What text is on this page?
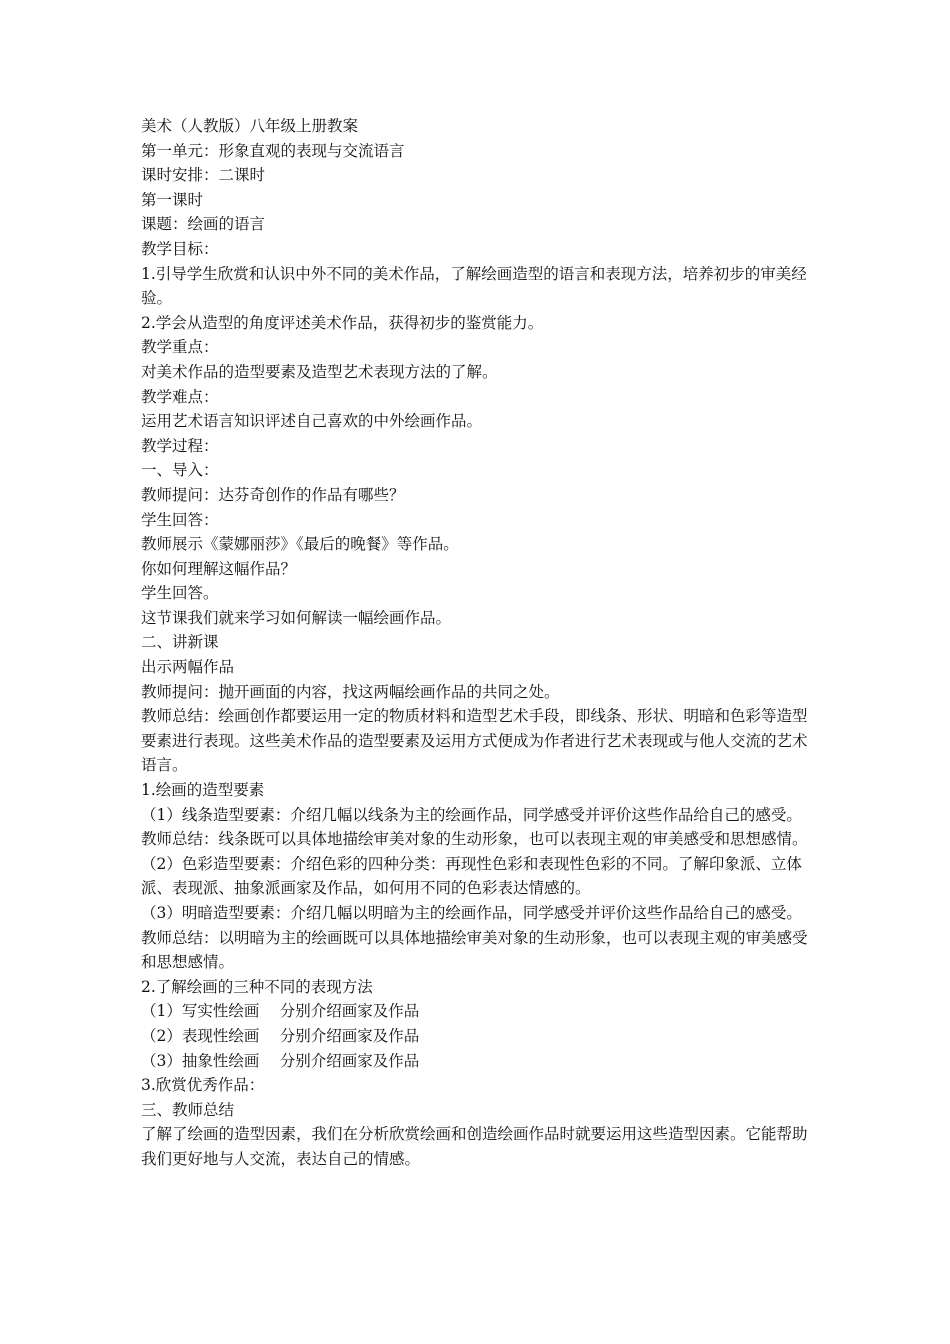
美术（人教版）八年级上册教案

第一单元：形象直观的表现与交流语言

课时安排：二课时

第一课时

课题：绘画的语言

教学目标：

1.引导学生欣赏和认识中外不同的美术作品，了解绘画造型的语言和表现方法，培养初步的审美经验。

2.学会从造型的角度评述美术作品，获得初步的鉴赏能力。

教学重点：

对美术作品的造型要素及造型艺术表现方法的了解。

教学难点：

运用艺术语言知识评述自己喜欢的中外绘画作品。

教学过程：

一、导入：

教师提问：达芬奇创作的作品有哪些？

学生回答：

教师展示《蒙娜丽莎》《最后的晚餐》等作品。

你如何理解这幅作品？

学生回答。

这节课我们就来学习如何解读一幅绘画作品。

二、讲新课

出示两幅作品

教师提问：抛开画面的内容，找这两幅绘画作品的共同之处。

教师总结：绘画创作都要运用一定的物质材料和造型艺术手段，即线条、形状、明暗和色彩等造型要素进行表现。这些美术作品的造型要素及运用方式便成为作者进行艺术表现或与他人交流的艺术语言。

1.绘画的造型要素

（1）线条造型要素：介绍几幅以线条为主的绘画作品，同学感受并评价这些作品给自己的感受。教师总结：线条既可以具体地描绘审美对象的生动形象，也可以表现主观的审美感受和思想感情。

（2）色彩造型要素：介绍色彩的四种分类：再现性色彩和表现性色彩的不同。了解印象派、立体派、表现派、抽象派画家及作品，如何用不同的色彩表达情感的。

（3）明暗造型要素：介绍几幅以明暗为主的绘画作品，同学感受并评价这些作品给自己的感受。教师总结：以明暗为主的绘画既可以具体地描绘审美对象的生动形象，也可以表现主观的审美感受和思想感情。

2.了解绘画的三种不同的表现方法

（1）写实性绘画　 分别介绍画家及作品

（2）表现性绘画　 分别介绍画家及作品

（3）抽象性绘画　 分别介绍画家及作品

3.欣赏优秀作品：

三、教师总结

了解了绘画的造型因素，我们在分析欣赏绘画和创造绘画作品时就要运用这些造型因素。它能帮助我们更好地与人交流，表达自己的情感。
